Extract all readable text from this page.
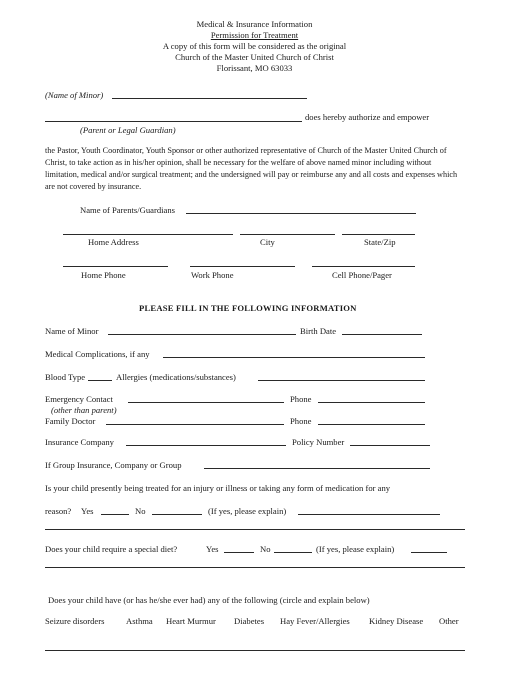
Medical & Insurance Information
Permission for Treatment
A copy of this form will be considered as the original
Church of the Master United Church of Christ
Florissant, MO 63033
(Name of Minor)
does hereby authorize and empower
(Parent or Legal Guardian)
the Pastor, Youth Coordinator, Youth Sponsor or other authorized representative of Church of the Master United Church of Christ, to take action as in his/her opinion, shall be necessary for the welfare of above named minor including without limitation, medical and/or surgical treatment; and the undersigned will pay or reimburse any and all costs and expenses which are not covered by insurance.
Name of Parents/Guardians
Home Address	City	State/Zip
Home Phone	Work Phone	Cell Phone/Pager
PLEASE FILL IN THE FOLLOWING INFORMATION
Name of Minor	Birth Date
Medical Complications, if any
Blood Type	Allergies (medications/substances)
Emergency Contact	Phone
(other than parent)
Family Doctor	Phone
Insurance Company	Policy Number
If Group Insurance, Company or Group
Is your child presently being treated for an injury or illness or taking any form of medication for any
reason? Yes	No	(If yes, please explain)
Does your child require a special diet?	Yes	No	(If yes, please explain)
Does your child have (or has he/she ever had) any of the following (circle and explain below)
Seizure disorders	Asthma Heart Murmur Diabetes Hay Fever/Allergies Kidney Disease Other
